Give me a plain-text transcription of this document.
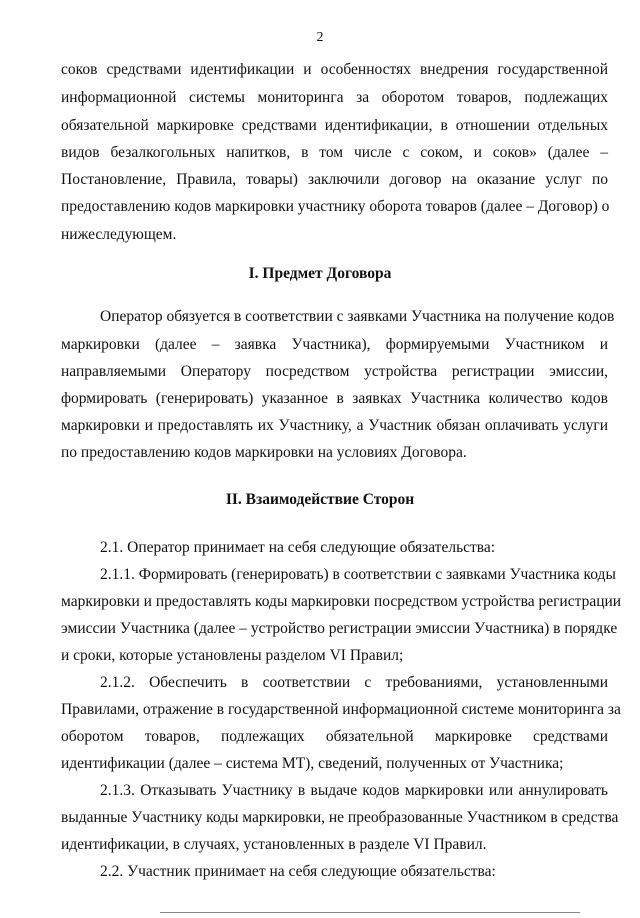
2
соков средствами идентификации и особенностях внедрения государственной
информационной системы мониторинга за оборотом товаров, подлежащих
обязательной маркировке средствами идентификации, в отношении отдельных
видов безалкогольных напитков, в том числе с соком, и соков» (далее –
Постановление, Правила, товары) заключили договор на оказание услуг по
предоставлению кодов маркировки участнику оборота товаров (далее – Договор) о
нижеследующем.
I. Предмет Договора
Оператор обязуется в соответствии с заявками Участника на получение кодов
маркировки (далее – заявка Участника), формируемыми Участником и
направляемыми Оператору посредством устройства регистрации эмиссии,
формировать (генерировать) указанное в заявках Участника количество кодов
маркировки и предоставлять их Участнику, а Участник обязан оплачивать услуги
по предоставлению кодов маркировки на условиях Договора.
II. Взаимодействие Сторон
2.1. Оператор принимает на себя следующие обязательства:
2.1.1. Формировать (генерировать) в соответствии с заявками Участника коды
маркировки и предоставлять коды маркировки посредством устройства регистрации
эмиссии Участника (далее – устройство регистрации эмиссии Участника) в порядке
и сроки, которые установлены разделом VI Правил;
2.1.2. Обеспечить в соответствии с требованиями, установленными
Правилами, отражение в государственной информационной системе мониторинга за
оборотом товаров, подлежащих обязательной маркировке средствами
идентификации (далее – система МТ), сведений, полученных от Участника;
2.1.3. Отказывать Участнику в выдаче кодов маркировки или аннулировать
выданные Участнику коды маркировки, не преобразованные Участником в средства
идентификации, в случаях, установленных в разделе VI Правил.
2.2. Участник принимает на себя следующие обязательства:
